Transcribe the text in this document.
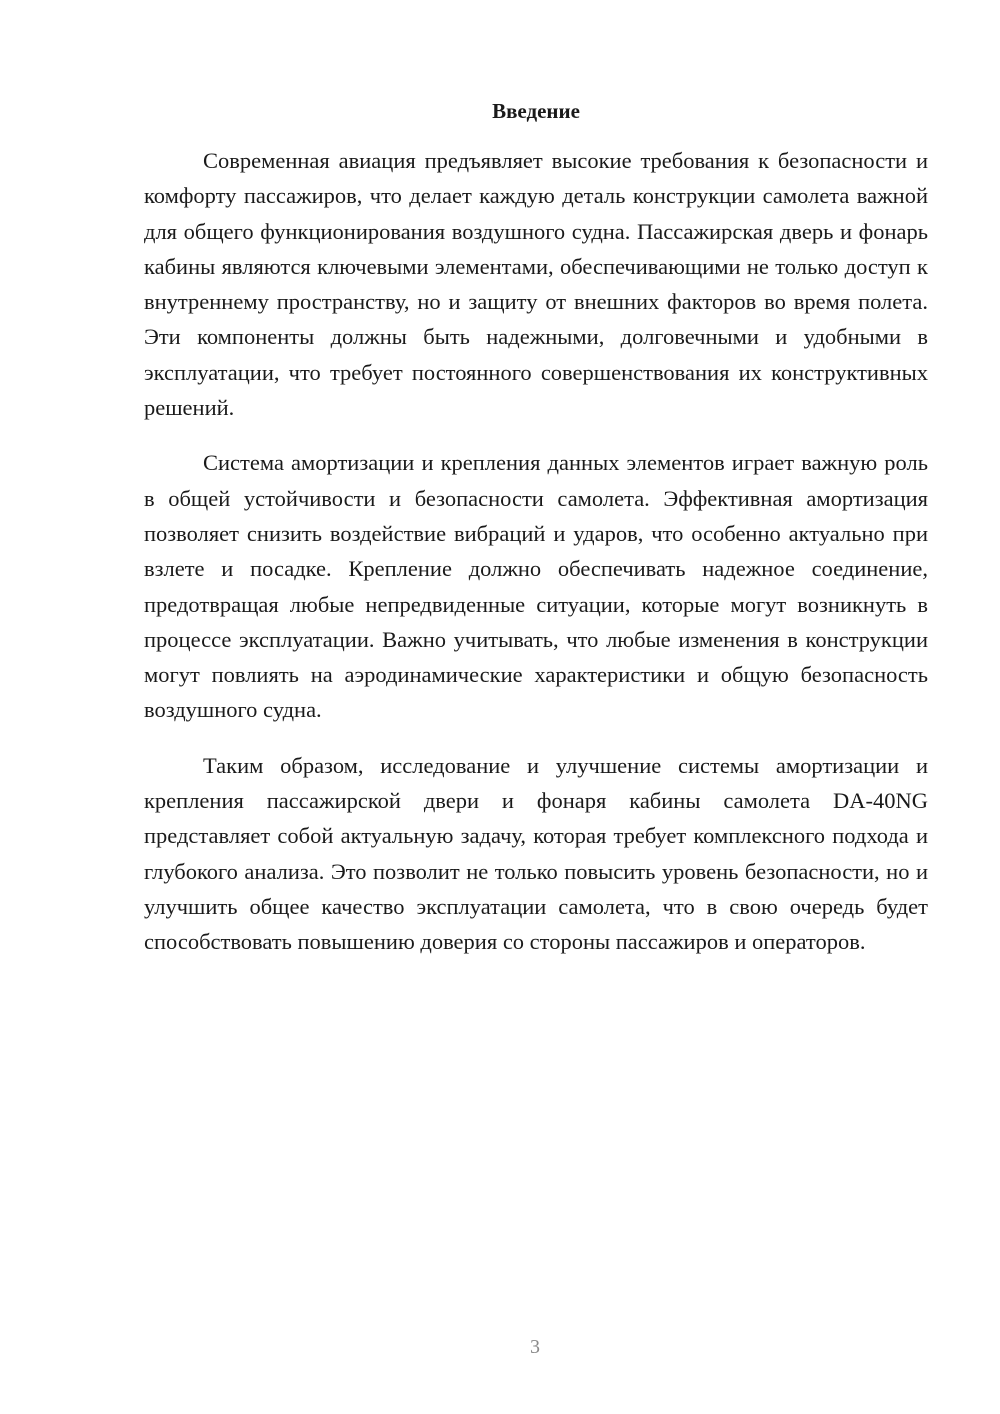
Введение

Современная авиация предъявляет высокие требования к безопасности и комфорту пассажиров, что делает каждую деталь конструкции самолета важной для общего функционирования воздушного судна. Пассажирская дверь и фонарь кабины являются ключевыми элементами, обеспечивающими не только доступ к внутреннему пространству, но и защиту от внешних факторов во время полета. Эти компоненты должны быть надежными, долговечными и удобными в эксплуатации, что требует постоянного совершенствования их конструктивных решений.

Система амортизации и крепления данных элементов играет важную роль в общей устойчивости и безопасности самолета. Эффективная амортизация позволяет снизить воздействие вибраций и ударов, что особенно актуально при взлете и посадке. Крепление должно обеспечивать надежное соединение, предотвращая любые непредвиденные ситуации, которые могут возникнуть в процессе эксплуатации. Важно учитывать, что любые изменения в конструкции могут повлиять на аэродинамические характеристики и общую безопасность воздушного судна.

Таким образом, исследование и улучшение системы амортизации и крепления пассажирской двери и фонаря кабины самолета DA-40NG представляет собой актуальную задачу, которая требует комплексного подхода и глубокого анализа. Это позволит не только повысить уровень безопасности, но и улучшить общее качество эксплуатации самолета, что в свою очередь будет способствовать повышению доверия со стороны пассажиров и операторов.

3
